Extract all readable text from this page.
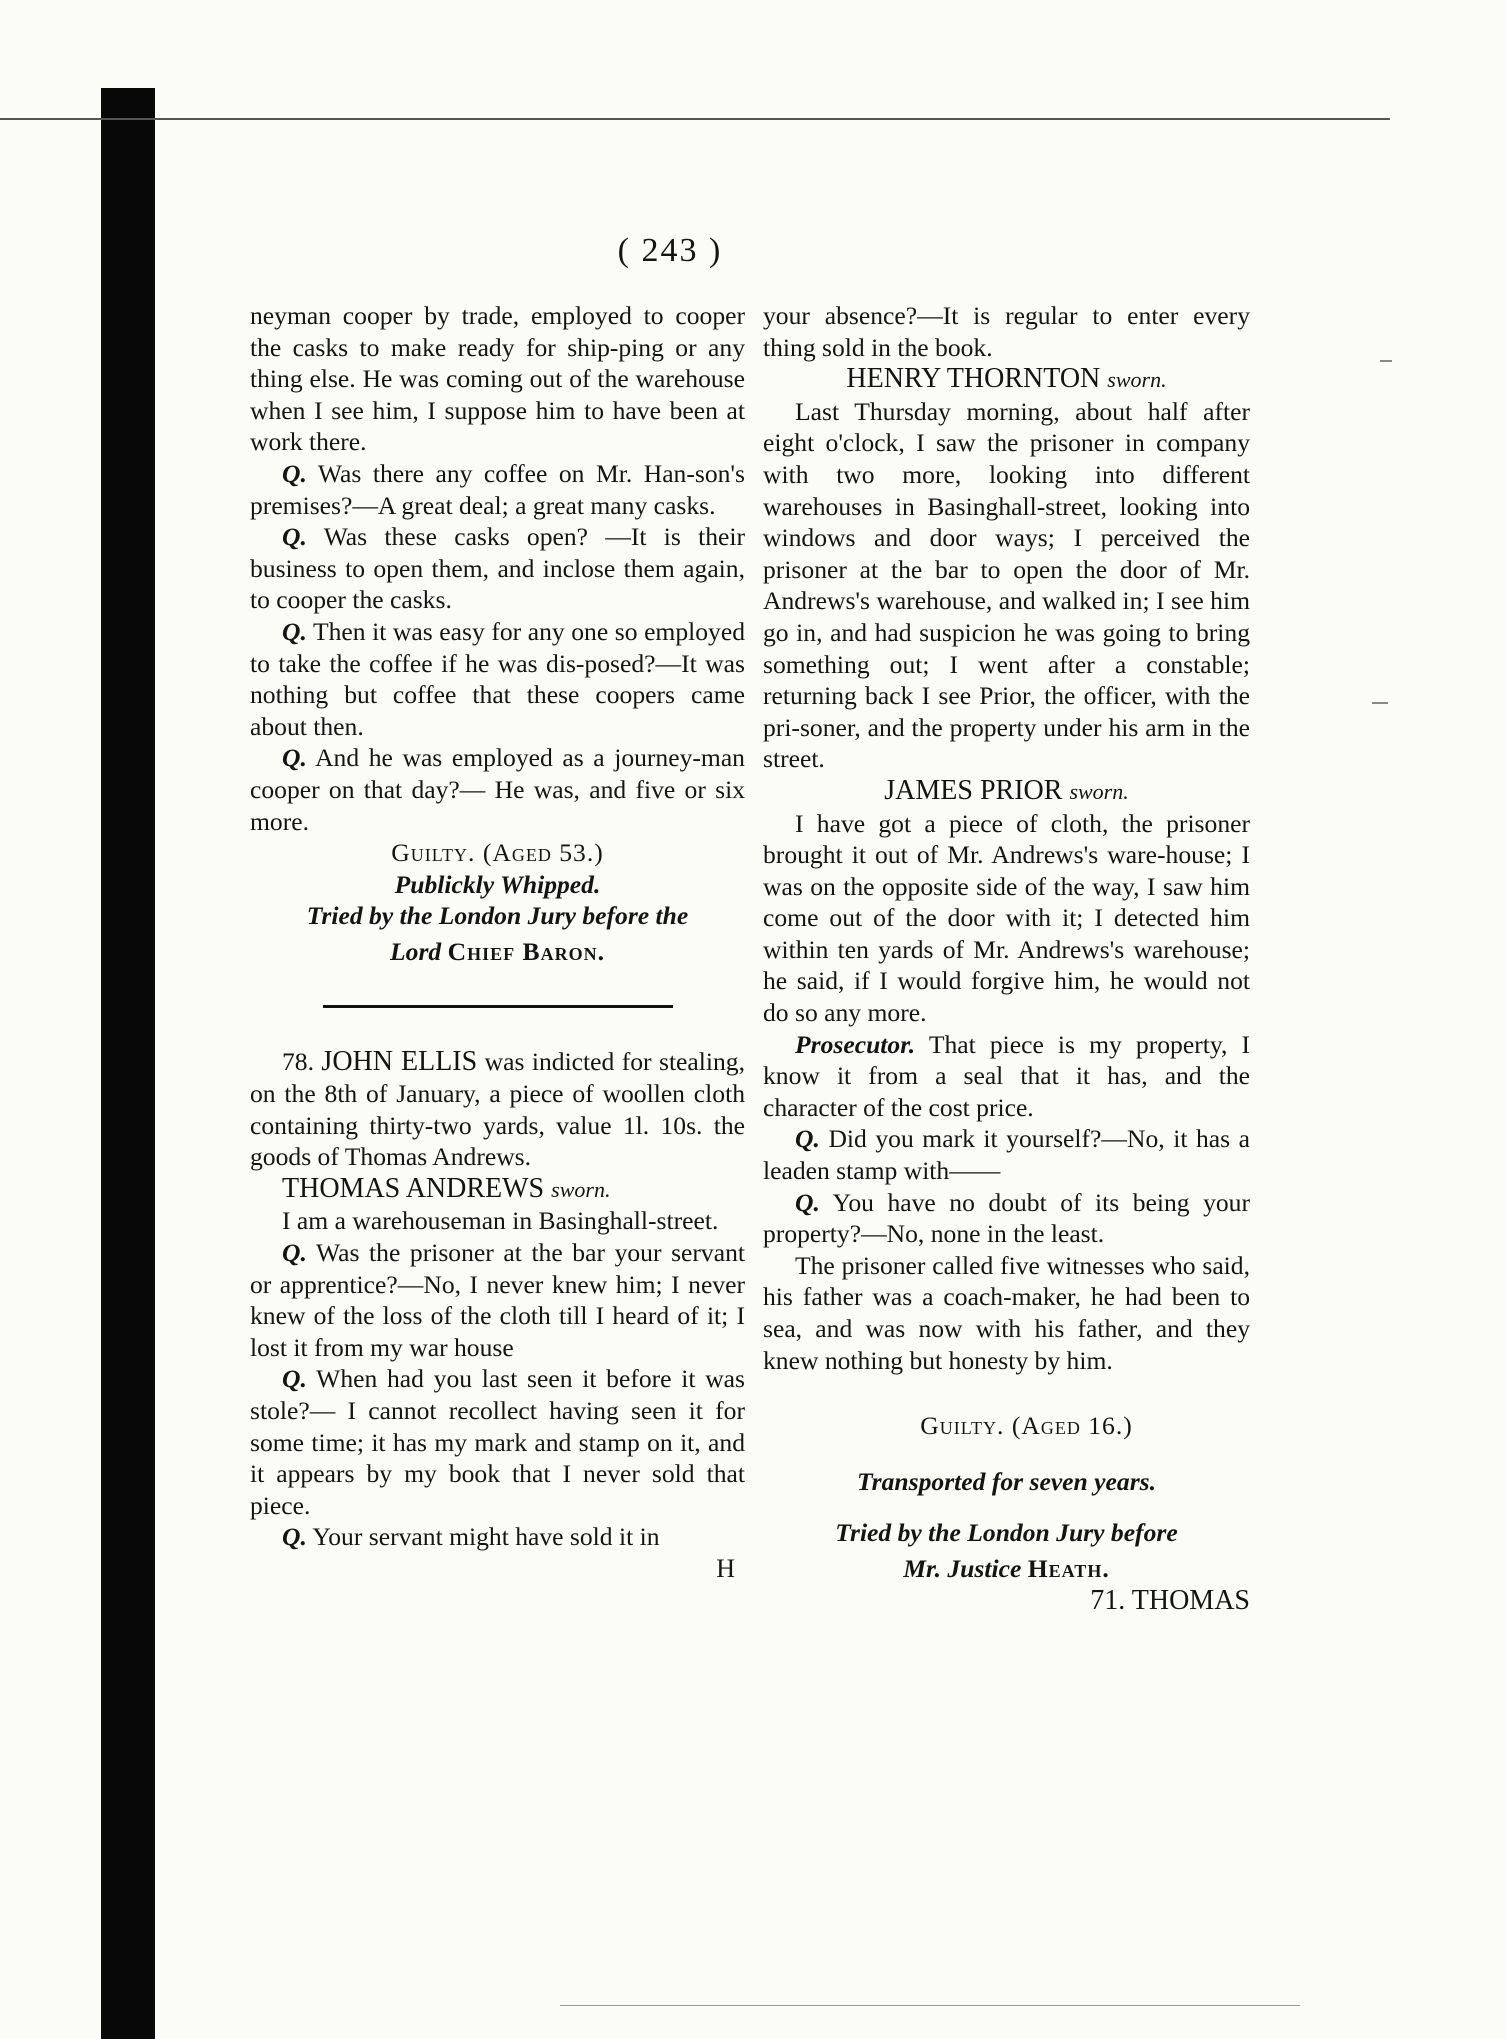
( 243 )

neyman cooper by trade, employed to cooper the casks to make ready for ship-ping or any thing else. He was coming out of the warehouse when I see him, I suppose him to have been at work there.

Q. Was there any coffee on Mr. Han-son's premises?—A great deal; a great many casks.

Q. Was these casks open? —It is their business to open them, and inclose them again, to cooper the casks.

Q. Then it was easy for any one so employed to take the coffee if he was dis-posed?—It was nothing but coffee that these coopers came about then.

Q. And he was employed as a journey-man cooper on that day?— He was, and five or six more.

Guilty. (Aged 53.)

Publickly Whipped.

Tried by the London Jury before the

Lord Chief Baron.

78. JOHN ELLIS was indicted for stealing, on the 8th of January, a piece of woollen cloth containing thirty-two yards, value 1l. 10s. the goods of Thomas Andrews.

THOMAS ANDREWS sworn.

I am a warehouseman in Basinghall-street.

Q. Was the prisoner at the bar your servant or apprentice?—No, I never knew him; I never knew of the loss of the cloth till I heard of it; I lost it from my war house

Q. When had you last seen it before it was stole?— I cannot recollect having seen it for some time; it has my mark and stamp on it, and it appears by my book that I never sold that piece.

Q. Your servant might have sold it in

H

your absence?—It is regular to enter every thing sold in the book.

HENRY THORNTON sworn.

Last Thursday morning, about half after eight o'clock, I saw the prisoner in company with two more, looking into different warehouses in Basinghall-street, looking into windows and door ways; I perceived the prisoner at the bar to open the door of Mr. Andrews's warehouse, and walked in; I see him go in, and had suspicion he was going to bring something out; I went after a constable; returning back I see Prior, the officer, with the pri-soner, and the property under his arm in the street.

JAMES PRIOR sworn.

I have got a piece of cloth, the prisoner brought it out of Mr. Andrews's ware-house; I was on the opposite side of the way, I saw him come out of the door with it; I detected him within ten yards of Mr. Andrews's warehouse; he said, if I would forgive him, he would not do so any more.

Prosecutor. That piece is my property, I know it from a seal that it has, and the character of the cost price.

Q. Did you mark it yourself?—No, it has a leaden stamp with——

Q. You have no doubt of its being your property?—No, none in the least.

The prisoner called five witnesses who said, his father was a coach-maker, he had been to sea, and was now with his father, and they knew nothing but honesty by him.

Guilty. (Aged 16.)

Transported for seven years.

Tried by the London Jury before

Mr. Justice Heath.

71. THOMAS
